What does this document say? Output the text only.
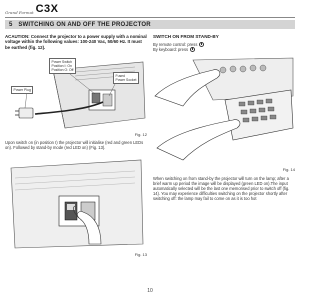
Grand Format C3X
5 SWITCHING ON AND OFF THE PROJECTOR

ACAUTION: Connect the projector to a power supply with a nominal voltage within the following values: 100-240 Vac, 50/60 Hz. It must be earthed (fig. 12).

Power Switch
Position I: On
Position O: Off
Fused
Power Socket
Power Plug
Fig. 12

Upon switch on (in position I) the projector will initialise (red and green LEDs on). Followed by stand-by mode (red LED on) (Fig. 13).

Fig. 13
SWITCH ON FROM STAND-BY
By remote control: press
By keyboard: press
Fig. 14

When switching on from stand-by the projector will turn on the lamp; after a brief warm up period the image will be displayed (green LED on).The input automatically selected will be the last one memorised prior to switch off (fig. 14). You may experience difficulties switching on the projector shortly after switching off: the lamp may fail to come on as it is too hot

10
